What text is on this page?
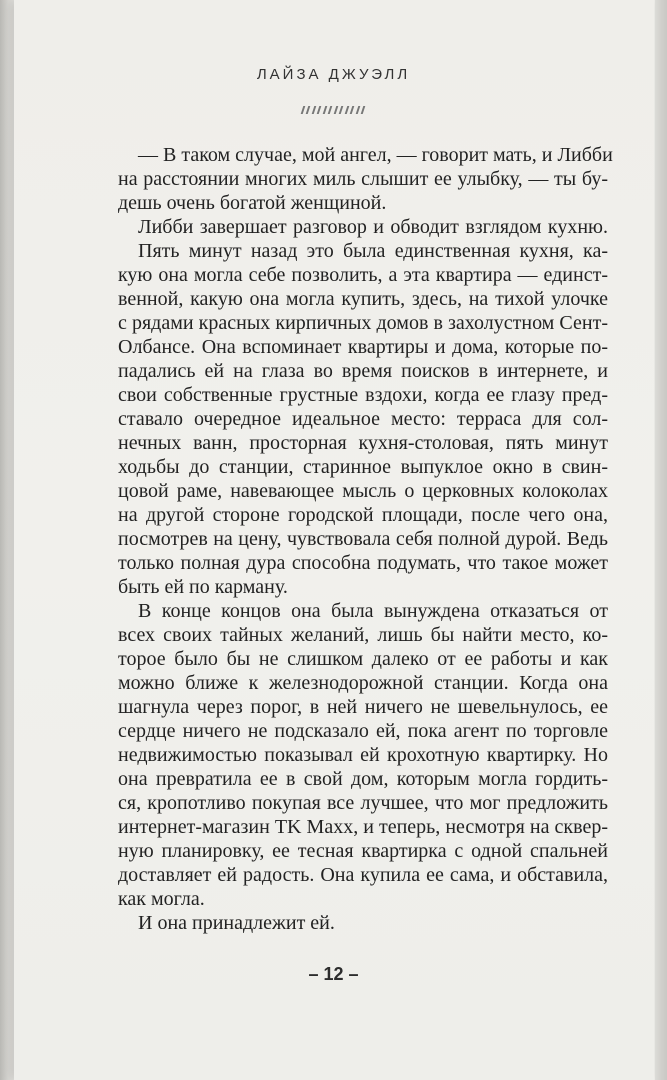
ЛАЙЗА ДЖУЭЛЛ
— В таком случае, мой ангел, — говорит мать, и Либби
на расстоянии многих миль слышит ее улыбку, — ты бу-
дешь очень богатой женщиной.
Либби завершает разговор и обводит взглядом кухню.
Пять минут назад это была единственная кухня, ка-
кую она могла себе позволить, а эта квартира — единст-
венной, какую она могла купить, здесь, на тихой улочке
с рядами красных кирпичных домов в захолустном Сент-
Олбансе. Она вспоминает квартиры и дома, которые по-
падались ей на глаза во время поисков в интернете, и
свои собственные грустные вздохи, когда ее глазу пред-
ставало очередное идеальное место: терраса для сол-
нечных ванн, просторная кухня-столовая, пять минут
ходьбы до станции, старинное выпуклое окно в свин-
цовой раме, навевающее мысль о церковных колоколах
на другой стороне городской площади, после чего она,
посмотрев на цену, чувствовала себя полной дурой. Ведь
только полная дура способна подумать, что такое может
быть ей по карману.
В конце концов она была вынуждена отказаться от
всех своих тайных желаний, лишь бы найти место, ко-
торое было бы не слишком далеко от ее работы и как
можно ближе к железнодорожной станции. Когда она
шагнула через порог, в ней ничего не шевельнулось, ее
сердце ничего не подсказало ей, пока агент по торговле
недвижимостью показывал ей крохотную квартирку. Но
она превратила ее в свой дом, которым могла гордить-
ся, кропотливо покупая все лучшее, что мог предложить
интернет-магазин TK Maxx, и теперь, несмотря на сквер-
ную планировку, ее тесная квартирка с одной спальней
доставляет ей радость. Она купила ее сама, и обставила,
как могла.
И она принадлежит ей.
– 12 –
